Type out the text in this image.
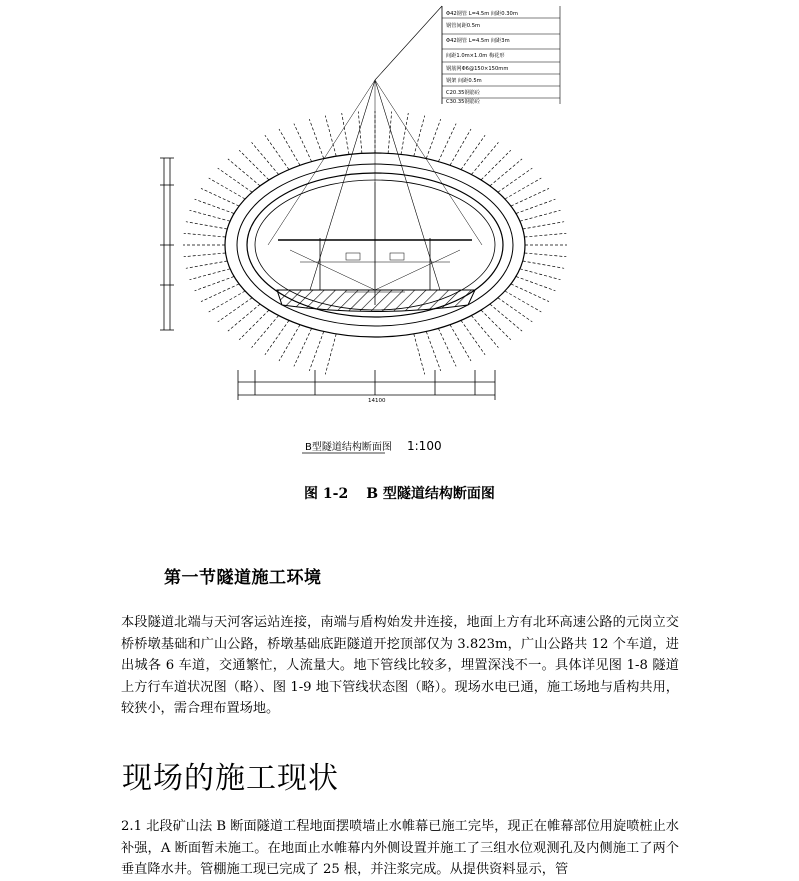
Φ42钢管 L=4.5m 间距0.30m
钢管间距0.5m
Φ42钢管 L=4.5m 间距3m
间距1.0m×1.0m 梅花形
钢筋网Φ6@150×150mm
钢架 间距0.5m
C20.35钢筋砼
C30.35钢筋砼
14100
B型隧道结构断面图 1:100
图 1-2 B 型隧道结构断面图
第一节隧道施工环境

本段隧道北端与天河客运站连接，南端与盾构始发井连接，地面上方有北环高速公路的元岗立交桥桥墩基础和广山公路，桥墩基础底距隧道开挖顶部仅为 3.823m，广山公路共 12 个车道，进出城各 6 车道，交通繁忙，人流量大。地下管线比较多，埋置深浅不一。具体详见图 1-8 隧道上方行车道状况图（略）、图 1-9 地下管线状态图（略）。现场水电已通，施工场地与盾构共用，较狭小，需合理布置场地。

现场的施工现状

2.1 北段矿山法 B 断面隧道工程地面摆喷墙止水帷幕已施工完毕，现正在帷幕部位用旋喷桩止水补强，A 断面暂未施工。在地面止水帷幕内外侧设置并施工了三组水位观测孔及内侧施工了两个垂直降水井。管棚施工现已完成了 25 根，并注浆完成。从提供资料显示，管
